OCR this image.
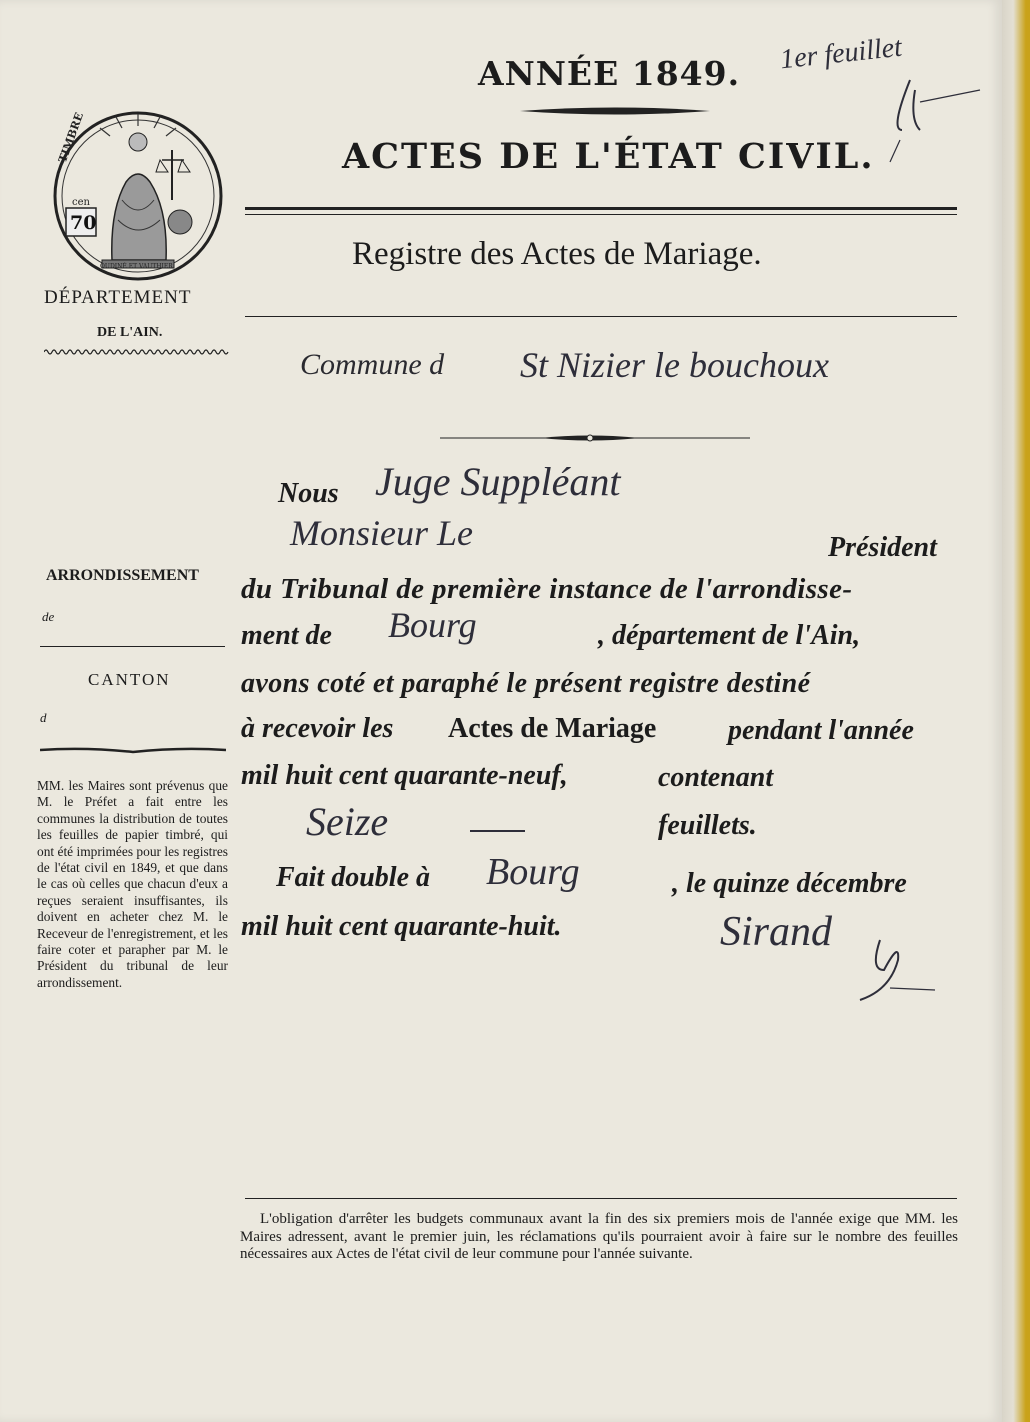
TIMBRE
cen
70
OUDINÉ ET VAUTHIER
ANNÉE 1849. 1er feuillet
ACTES DE L'ÉTAT CIVIL.
Registre des Actes de Mariage.
DÉPARTEMENT
DE L'AIN.
ARRONDISSEMENT
de
CANTON
d
MM. les Maires sont prévenus que M. le Préfet a fait entre les communes la distribution de toutes les feuilles de papier timbré, qui ont été imprimées pour les registres de l'état civil en 1849, et que dans le cas où celles que chacun d'eux a reçues seraient insuffisantes, ils doivent en acheter chez M. le Receveur de l'enregistrement, et les faire coter et parapher par M. le Président du tribunal de leur arrondissement.
Commune d St Nizier le bouchoux
Nous Juge Suppléant
Monsieur Le	Président
du Tribunal de première instance de l'arrondisse-
ment de Bourg	, département de l'Ain,
avons coté et paraphé le présent registre destiné
à recevoir les Actes de Mariage	pendant l'année
mil huit cent quarante-neuf,	contenant
Seize	feuillets.
Fait double à Bourg	, le quinze décembre
mil huit cent quarante-huit.	Sirand
L'obligation d'arrêter les budgets communaux avant la fin des six premiers mois de l'année exige que MM. les Maires adressent, avant le premier juin, les réclamations qu'ils pourraient avoir à faire sur le nombre des feuilles nécessaires aux Actes de l'état civil de leur commune pour l'année suivante.
